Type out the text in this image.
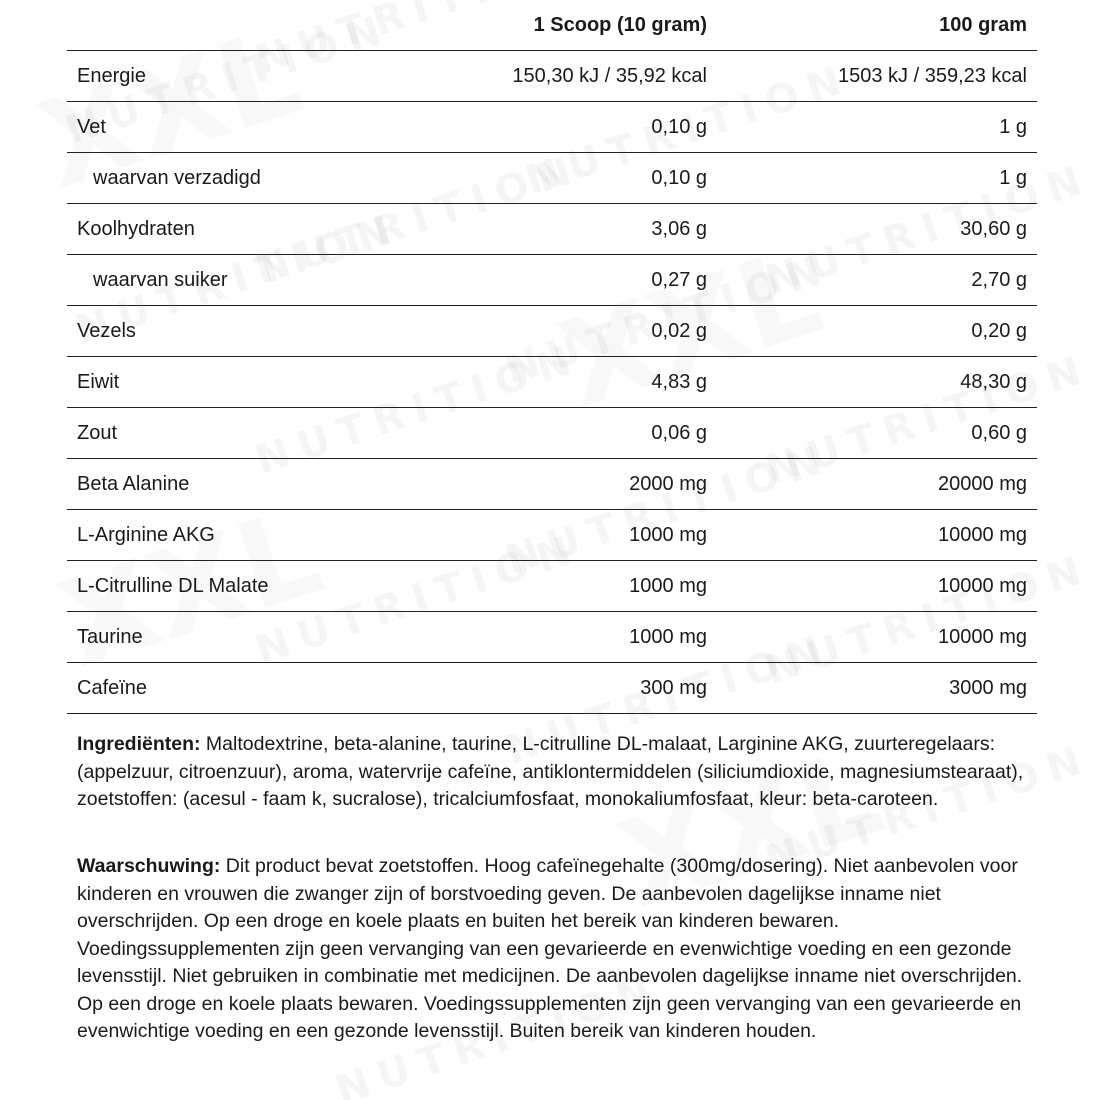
	1 Scoop (10 gram)	100 gram
Energie	150,30 kJ / 35,92 kcal	1503 kJ / 359,23 kcal
Vet	0,10 g	1 g
waarvan verzadigd	0,10 g	1 g
Koolhydraten	3,06 g	30,60 g
waarvan suiker	0,27 g	2,70 g
Vezels	0,02 g	0,20 g
Eiwit	4,83 g	48,30 g
Zout	0,06 g	0,60 g
Beta Alanine	2000 mg	20000 mg
L-Arginine AKG	1000 mg	10000 mg
L-Citrulline DL Malate	1000 mg	10000 mg
Taurine	1000 mg	10000 mg
Cafeïne	300 mg	3000 mg

Ingrediënten: Maltodextrine, beta-alanine, taurine, L-citrulline DL-malaat, Larginine AKG, zuurteregelaars: (appelzuur, citroenzuur), aroma, watervrije cafeïne, antiklontermiddelen (siliciumdioxide, magnesiumstearaat), zoetstoffen: (acesul - faam k, sucralose), tricalciumfosfaat, monokaliumfosfaat, kleur: beta-caroteen.

Waarschuwing: Dit product bevat zoetstoffen. Hoog cafeïnegehalte (300mg/dosering). Niet aanbevolen voor kinderen en vrouwen die zwanger zijn of borstvoeding geven. De aanbevolen dagelijkse inname niet overschrijden. Op een droge en koele plaats en buiten het bereik van kinderen bewaren. Voedingssupplementen zijn geen vervanging van een gevarieerde en evenwichtige voeding en een gezonde levensstijl. Niet gebruiken in combinatie met medicijnen. De aanbevolen dagelijkse inname niet overschrijden. Op een droge en koele plaats bewaren. Voedingssupplementen zijn geen vervanging van een gevarieerde en evenwichtige voeding en een gezonde levensstijl. Buiten bereik van kinderen houden.
